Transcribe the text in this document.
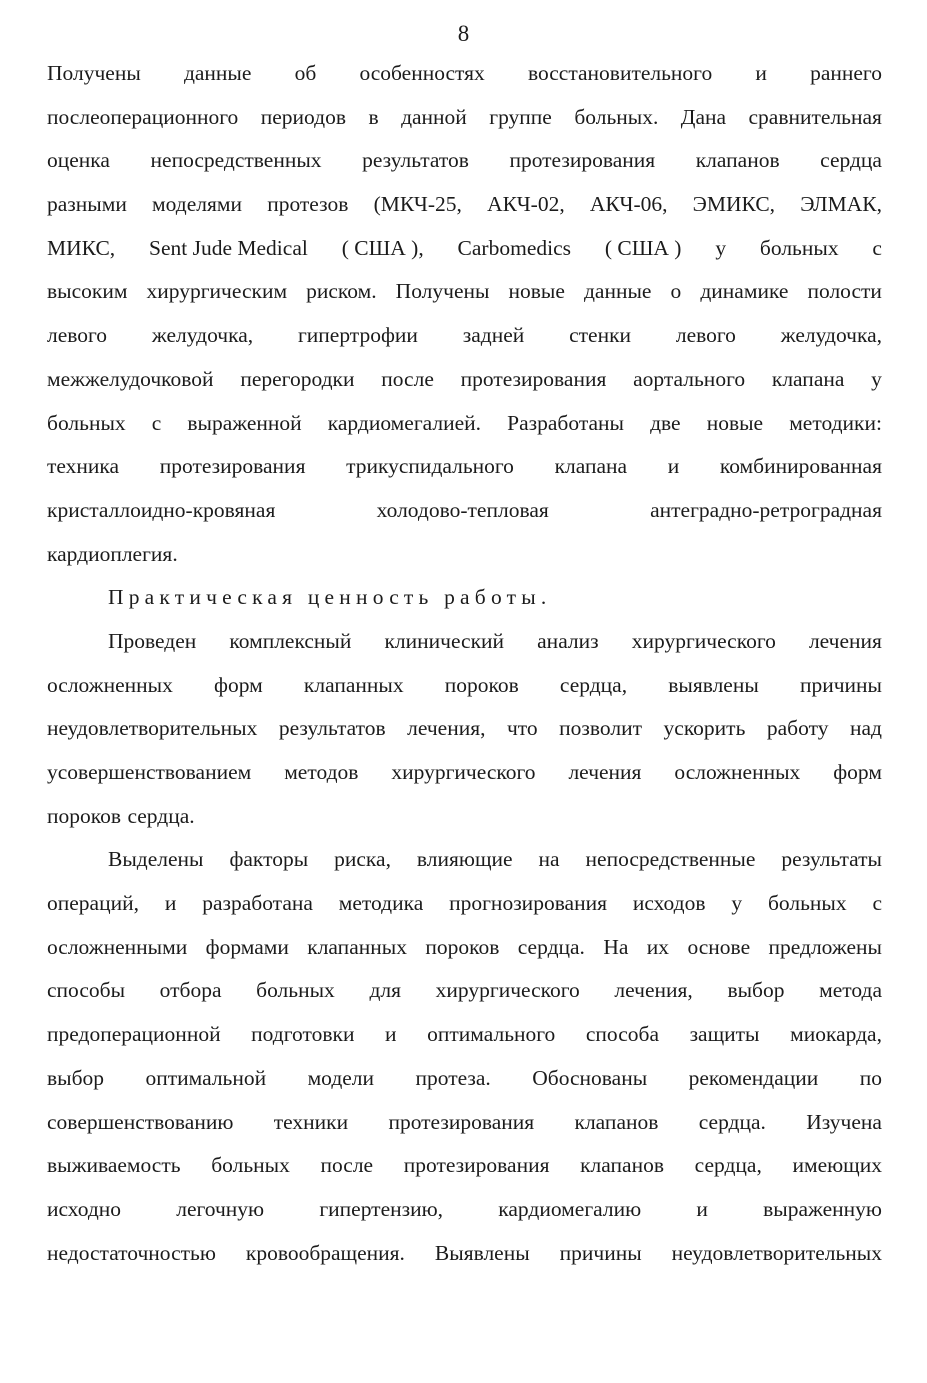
8
Получены данные об особенностях восстановительного и раннего
послеоперационного периодов в данной группе больных. Дана сравнительная
оценка непосредственных результатов протезирования клапанов сердца
разными моделями протезов (МКЧ-25, АКЧ-02, АКЧ-06, ЭМИКС, ЭЛМАК,
МИКС, Sent Jude Medical ( США ), Carbomedics ( США ) у больных с
высоким хирургическим риском. Получены новые данные о динамике полости
левого желудочка, гипертрофии задней стенки левого желудочка,
межжелудочковой перегородки после протезирования аортального клапана у
больных с выраженной кардиомегалией. Разработаны две новые методики:
техника протезирования трикуспидального клапана и комбинированная
кристаллоидно-кровяная	холодово-тепловая	антеградно-ретроградная
кардиоплегия.
Практическая ценность работы.
Проведен комплексный клинический анализ хирургического лечения
осложненных форм клапанных пороков сердца, выявлены причины
неудовлетворительных результатов лечения, что позволит ускорить работу над
усовершенствованием методов хирургического лечения осложненных форм
пороков сердца.
Выделены факторы риска, влияющие на непосредственные результаты
операций, и разработана методика прогнозирования исходов у больных с
осложненными формами клапанных пороков сердца. На их основе предложены
способы отбора больных для хирургического лечения, выбор метода
предоперационной подготовки и оптимального способа защиты миокарда,
выбор оптимальной модели протеза. Обоснованы рекомендации по
совершенствованию техники протезирования клапанов сердца. Изучена
выживаемость больных после протезирования клапанов сердца, имеющих
исходно	легочную	гипертензию,	кардиомегалию	и	выраженную
недостаточностью кровообращения. Выявлены причины неудовлетворительных
